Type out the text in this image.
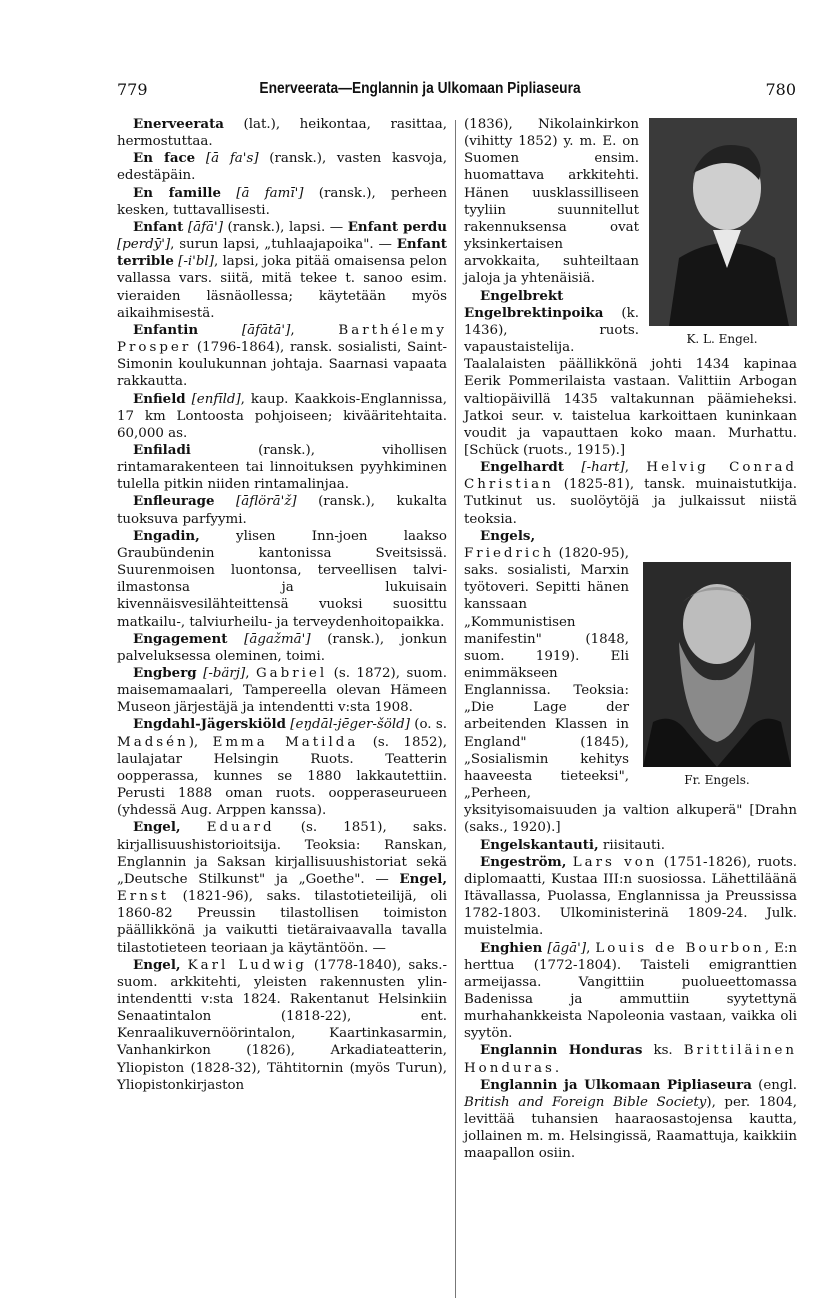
779	Enerveerata—Englannin ja Ulkomaan Pipliaseura	780

Enerveerata (lat.), heikontaa, rasittaa, hermostuttaa.

En face [ā fa's] (ransk.), vasten kasvoja, edestäpäin.

En famille [ā famī'] (ransk.), perheen kesken, tuttavallisesti.

Enfant [āfā'] (ransk.), lapsi. — Enfant perdu [perdȳ'], surun lapsi, „tuhlaajapoika". — Enfant terrible [-i'bl], lapsi, joka pitää omaisensa pelon vallassa vars. siitä, mitä tekee t. sanoo esim. vieraiden läsnäollessa; käytetään myös aikaihmisestä.

Enfantin	[āfātā'], Barthélemy Prosper (1796-1864), ransk. sosialisti, Saint-Simonin koulukunnan johtaja. Saarnasi vapaata rakkautta.

Enfield [enfīld], kaup. Kaakkois-Englannissa, 17 km Lontoosta pohjoiseen; kivääritehtaita. 60,000 as.

Enfiladi (ransk.), vihollisen rintamarakenteen tai linnoituksen pyyhkiminen tulella pitkin niiden rintamalinjaa.

Enfleurage [āflörā'ž] (ransk.), kukalta tuoksuva parfyymi.

Engadin, ylisen Inn-joen laakso Graubündenin kantonissa Sveitsissä. Suurenmoisen luontonsa, terveellisen talvi-ilmastonsa ja lukuisain kivennäisvesilähteittensä vuoksi suosittu matkailu-, talviurheilu- ja terveydenhoitopaikka.

Engagement [āgažmā'] (ransk.), jonkun palveluksessa oleminen, toimi.

Engberg [-bärj], Gabriel (s. 1872), suom. maisemamaalari, Tampereella olevan Hämeen Museon järjestäjä ja intendentti v:sta 1908.

Engdahl-Jägerskiöld [eŋdāl-jēger-šöld] (o. s. Madsén), Emma Matilda (s. 1852), laulajatar Helsingin Ruots. Teatterin oopperassa, kunnes se 1880 lakkautettiin. Perusti 1888 oman ruots. oopperaseurueen (yhdessä Aug. Arppen kanssa).

Engel, Eduard (s. 1851), saks. kirjallisuushistorioitsija. Teoksia: Ranskan, Englannin ja Saksan kirjallisuushistoriat sekä „Deutsche Stilkunst" ja „Goethe". — Engel, Ernst (1821-96), saks. tilastotieteilijä, oli 1860-82 Preussin tilastollisen toimiston päällikkönä ja vaikutti tietäraivaavalla tavalla tilastotieteen teoriaan ja käytäntöön. —

Engel, Karl Ludwig (1778-1840), saks.-suom. arkkitehti, yleisten rakennusten ylin-intendentti v:sta 1824. Rakentanut Helsinkiin Senaatintalon (1818-22), ent. Kenraalikuvernöörintalon, Kaartinkasarmin, Vanhankirkon (1826), Arkadiateatterin, Yliopiston (1828-32), Tähtitornin (myös Turun), Yliopistonkirjaston

K. L. Engel.

(1836), Nikolainkirkon (vihitty 1852) y. m. E. on Suomen ensim. huomattava arkkitehti. Hänen uusklassilliseen tyyliin suunnitellut rakennuksensa ovat yksinkertaisen arvokkaita, suhteiltaan jaloja ja yhtenäisiä.

Engelbrekt Engelbrektinpoika (k. 1436), ruots. vapaustaistelija. Taalalaisten päällikkönä johti 1434 kapinaa Eerik Pommerilaista vastaan. Valittiin Arbogan valtiopäivillä 1435 valtakunnan päämieheksi. Jatkoi seur. v. taistelua karkoittaen kuninkaan voudit ja vapauttaen koko maan. Murhattu. [Schück (ruots., 1915).]

Engelhardt [-hart], Helvig Conrad Christian (1825-81), tansk. muinaistutkija. Tutkinut us. suolöytöjä ja julkaissut niistä teoksia.

Fr. Engels.

Engels, Friedrich (1820-95), saks. sosialisti, Marxin työtoveri. Sepitti hänen kanssaan „Kommunistisen manifestin" (1848, suom. 1919). Eli enimmäkseen Englannissa. Teoksia: „Die Lage der arbeitenden Klassen in England" (1845), „Sosialismin kehitys haaveesta tieteeksi", „Perheen, yksityisomaisuuden ja valtion alkuperä" [Drahn (saks., 1920).]

Engelskantauti, riisitauti.

Engeström, Lars von (1751-1826), ruots. diplomaatti, Kustaa III:n suosiossa. Lähettiläänä Itävallassa, Puolassa, Englannissa ja Preussissa 1782-1803. Ulkoministerinä 1809-24. Julk. muistelmia.

Enghien [āgā'], Louis de Bourbon, E:n herttua (1772-1804). Taisteli emigranttien armeijassa. Vangittiin puolueettomassa Badenissa ja ammuttiin syytettynä murhahankkeista Napoleonia vastaan, vaikka oli syytön.

Englannin Honduras ks. Brittiläinen Honduras.

Englannin ja Ulkomaan Pipliaseura (engl. British and Foreign Bible Society), per. 1804, levittää tuhansien haaraosastojensa kautta, jollainen m. m. Helsingissä, Raamattuja, kaikkiin maapallon osiin.
